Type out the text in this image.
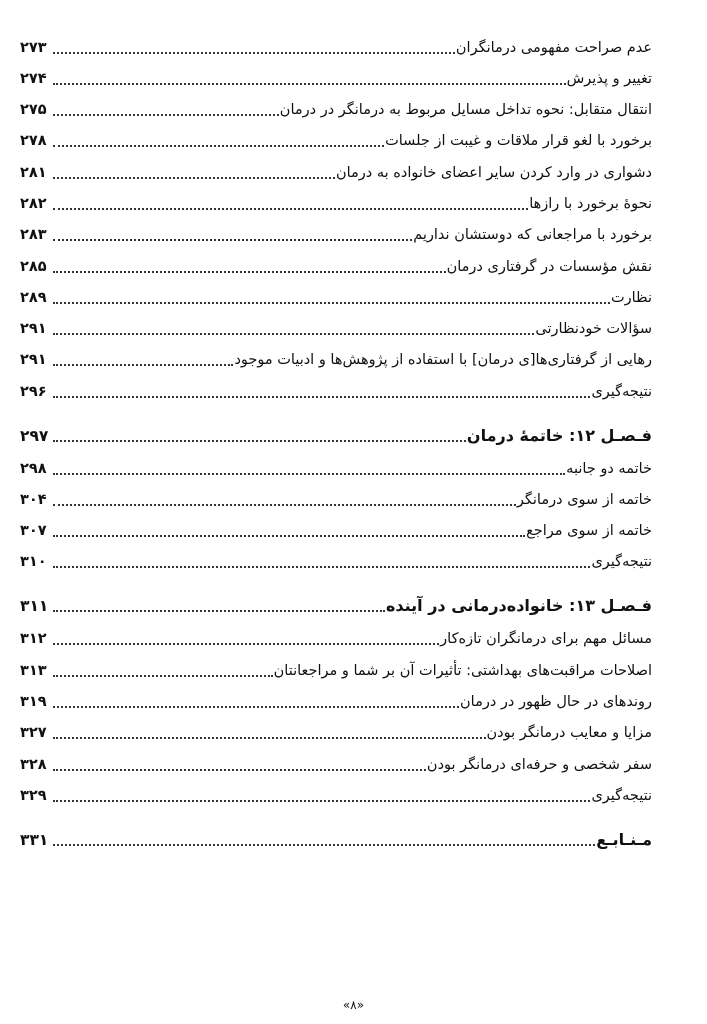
عدم صراحت مفهومی درمانگران
۲۷۳
تغییر و پذیرش
۲۷۴
انتقال متقابل: نحوه تداخل مسایل مربوط به درمانگر در درمان
۲۷۵
برخورد با لغو قرار ملاقات و غیبت از جلسات
۲۷۸
دشواری در وارد کردن سایر اعضای خانواده به درمان
۲۸۱
نحوهٔ برخورد با رازها
۲۸۲
برخورد با مراجعانی که دوستشان نداریم
۲۸۳
نقش مؤسسات در گرفتاری درمان
۲۸۵
نظارت
۲۸۹
سؤالات خودنظارتی
۲۹۱
رهایی از گرفتاری‌ها[ی درمان] با استفاده از پژوهش‌ها و ادبیات موجود
۲۹۱
نتیجه‌گیری
۲۹۶
فـصـل ۱۲: خاتمهٔ درمان
۲۹۷
خاتمه دو جانبه
۲۹۸
خاتمه از سوی درمانگر
۳۰۴
خاتمه از سوی مراجع
۳۰۷
نتیجه‌گیری
۳۱۰
فـصـل ۱۳: خانواده‌درمانی در آینده
۳۱۱
مسائل مهم برای درمانگران تازه‌کار
۳۱۲
اصلاحات مراقبت‌های بهداشتی: تأثیرات آن بر شما و مراجعانتان
۳۱۳
روندهای در حال ظهور در درمان
۳۱۹
مزایا و معایب درمانگر بودن
۳۲۷
سفر شخصی و حرفه‌ای درمانگر بودن
۳۲۸
نتیجه‌گیری
۳۲۹
مـنـابـع
۳۳۱
«۸»
